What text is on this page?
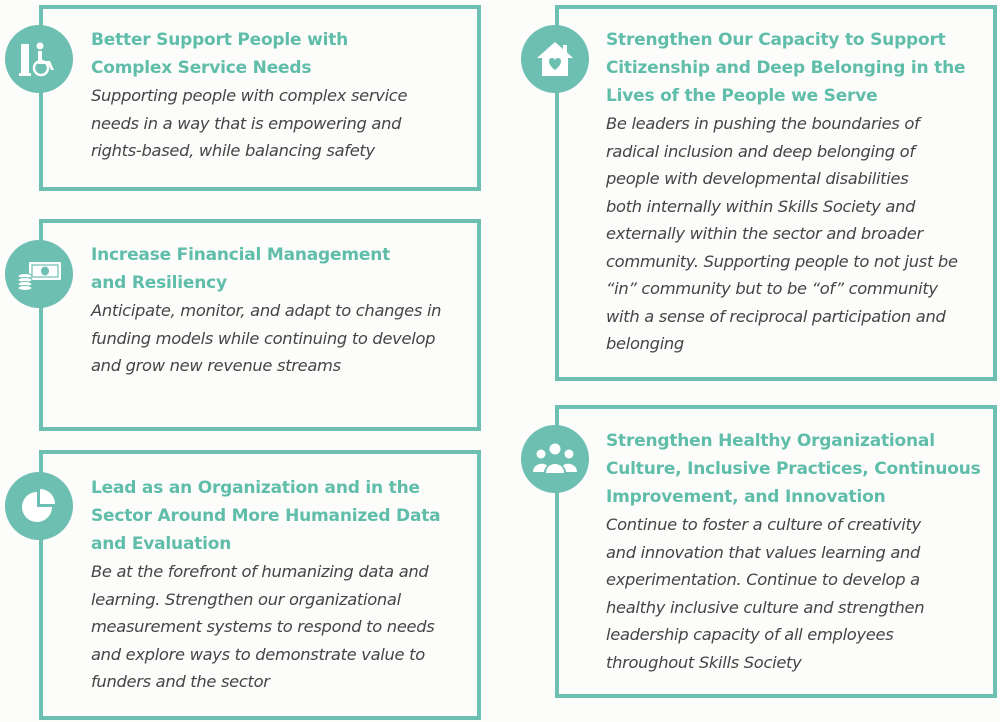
Better Support People with
Complex Service Needs
Supporting people with complex service
needs in a way that is empowering and
rights-based, while balancing safety
Increase Financial Management
and Resiliency
Anticipate, monitor, and adapt to changes in
funding models while continuing to develop
and grow new revenue streams
Lead as an Organization and in the
Sector Around More Humanized Data
and Evaluation
Be at the forefront of humanizing data and
learning. Strengthen our organizational
measurement systems to respond to needs
and explore ways to demonstrate value to
funders and the sector
Strengthen Our Capacity to Support
Citizenship and Deep Belonging in the
Lives of the People we Serve
Be leaders in pushing the boundaries of
radical inclusion and deep belonging of
people with developmental disabilities
both internally within Skills Society and
externally within the sector and broader
community. Supporting people to not just be
“in” community but to be “of” community
with a sense of reciprocal participation and
belonging
Strengthen Healthy Organizational
Culture, Inclusive Practices, Continuous
Improvement, and Innovation
Continue to foster a culture of creativity
and innovation that values learning and
experimentation. Continue to develop a
healthy inclusive culture and strengthen
leadership capacity of all employees
throughout Skills Society
